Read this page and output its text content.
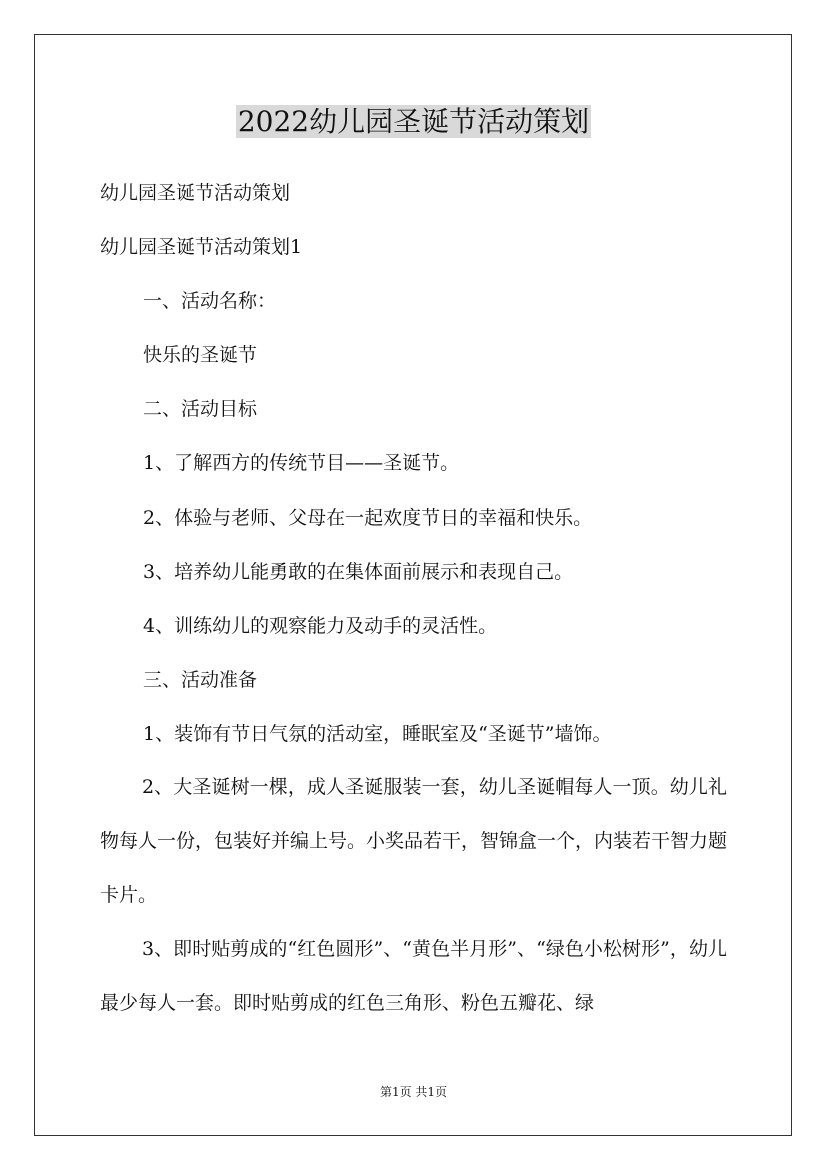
2022幼儿园圣诞节活动策划
幼儿园圣诞节活动策划
幼儿园圣诞节活动策划1
一、活动名称：
快乐的圣诞节
二、活动目标
1、了解西方的传统节目——圣诞节。
2、体验与老师、父母在一起欢度节日的幸福和快乐。
3、培养幼儿能勇敢的在集体面前展示和表现自己。
4、训练幼儿的观察能力及动手的灵活性。
三、活动准备
1、装饰有节日气氛的活动室，睡眠室及“圣诞节”墙饰。
2、大圣诞树一棵，成人圣诞服装一套，幼儿圣诞帽每人一顶。幼儿礼物每人一份，包装好并编上号。小奖品若干，智锦盒一个，内装若干智力题卡片。
3、即时贴剪成的“红色圆形”、“黄色半月形”、“绿色小松树形”，幼儿最少每人一套。即时贴剪成的红色三角形、粉色五瓣花、绿
第1页 共1页
